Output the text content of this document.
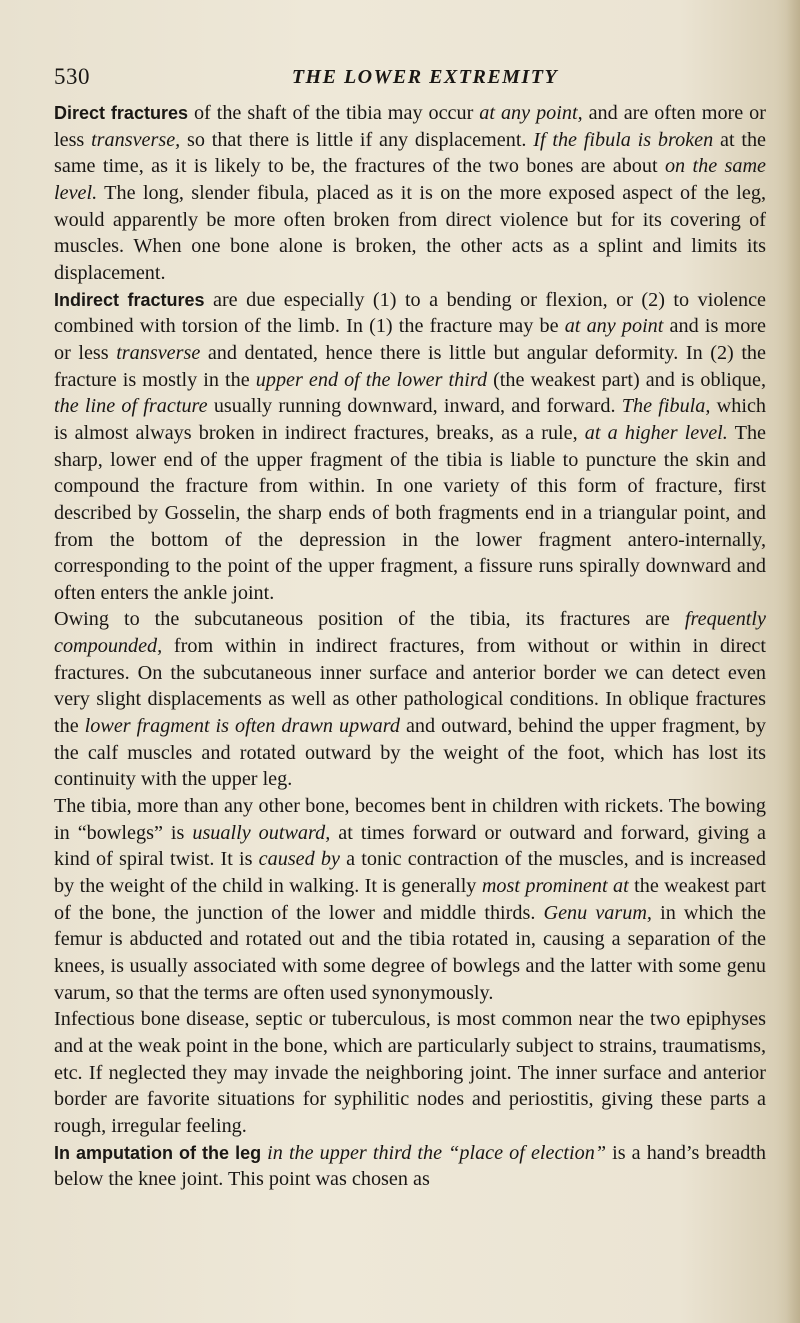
530	THE LOWER EXTREMITY

Direct fractures of the shaft of the tibia may occur at any point, and are often more or less transverse, so that there is little if any displacement. If the fibula is broken at the same time, as it is likely to be, the fractures of the two bones are about on the same level. The long, slender fibula, placed as it is on the more exposed aspect of the leg, would apparently be more often broken from direct violence but for its covering of muscles. When one bone alone is broken, the other acts as a splint and limits its displacement.

Indirect fractures are due especially (1) to a bending or flexion, or (2) to violence combined with torsion of the limb. In (1) the fracture may be at any point and is more or less transverse and dentated, hence there is little but angular deformity. In (2) the fracture is mostly in the upper end of the lower third (the weakest part) and is oblique, the line of fracture usually running downward, inward, and forward. The fibula, which is almost always broken in indirect fractures, breaks, as a rule, at a higher level. The sharp, lower end of the upper fragment of the tibia is liable to puncture the skin and compound the fracture from within. In one variety of this form of fracture, first described by Gosselin, the sharp ends of both fragments end in a triangular point, and from the bottom of the depression in the lower fragment antero-internally, corresponding to the point of the upper fragment, a fissure runs spirally downward and often enters the ankle joint.

Owing to the subcutaneous position of the tibia, its fractures are frequently compounded, from within in indirect fractures, from without or within in direct fractures. On the subcutaneous inner surface and anterior border we can detect even very slight displacements as well as other pathological conditions. In oblique fractures the lower fragment is often drawn upward and outward, behind the upper fragment, by the calf muscles and rotated outward by the weight of the foot, which has lost its continuity with the upper leg.

The tibia, more than any other bone, becomes bent in children with rickets. The bowing in “bowlegs” is usually outward, at times forward or outward and forward, giving a kind of spiral twist. It is caused by a tonic contraction of the muscles, and is increased by the weight of the child in walking. It is generally most prominent at the weakest part of the bone, the junction of the lower and middle thirds. Genu varum, in which the femur is abducted and rotated out and the tibia rotated in, causing a separation of the knees, is usually associated with some degree of bowlegs and the latter with some genu varum, so that the terms are often used synonymously.

Infectious bone disease, septic or tuberculous, is most common near the two epiphyses and at the weak point in the bone, which are particularly subject to strains, traumatisms, etc. If neglected they may invade the neighboring joint. The inner surface and anterior border are favorite situations for syphilitic nodes and periostitis, giving these parts a rough, irregular feeling.

In amputation of the leg in the upper third the “place of election” is a hand’s breadth below the knee joint. This point was chosen as
